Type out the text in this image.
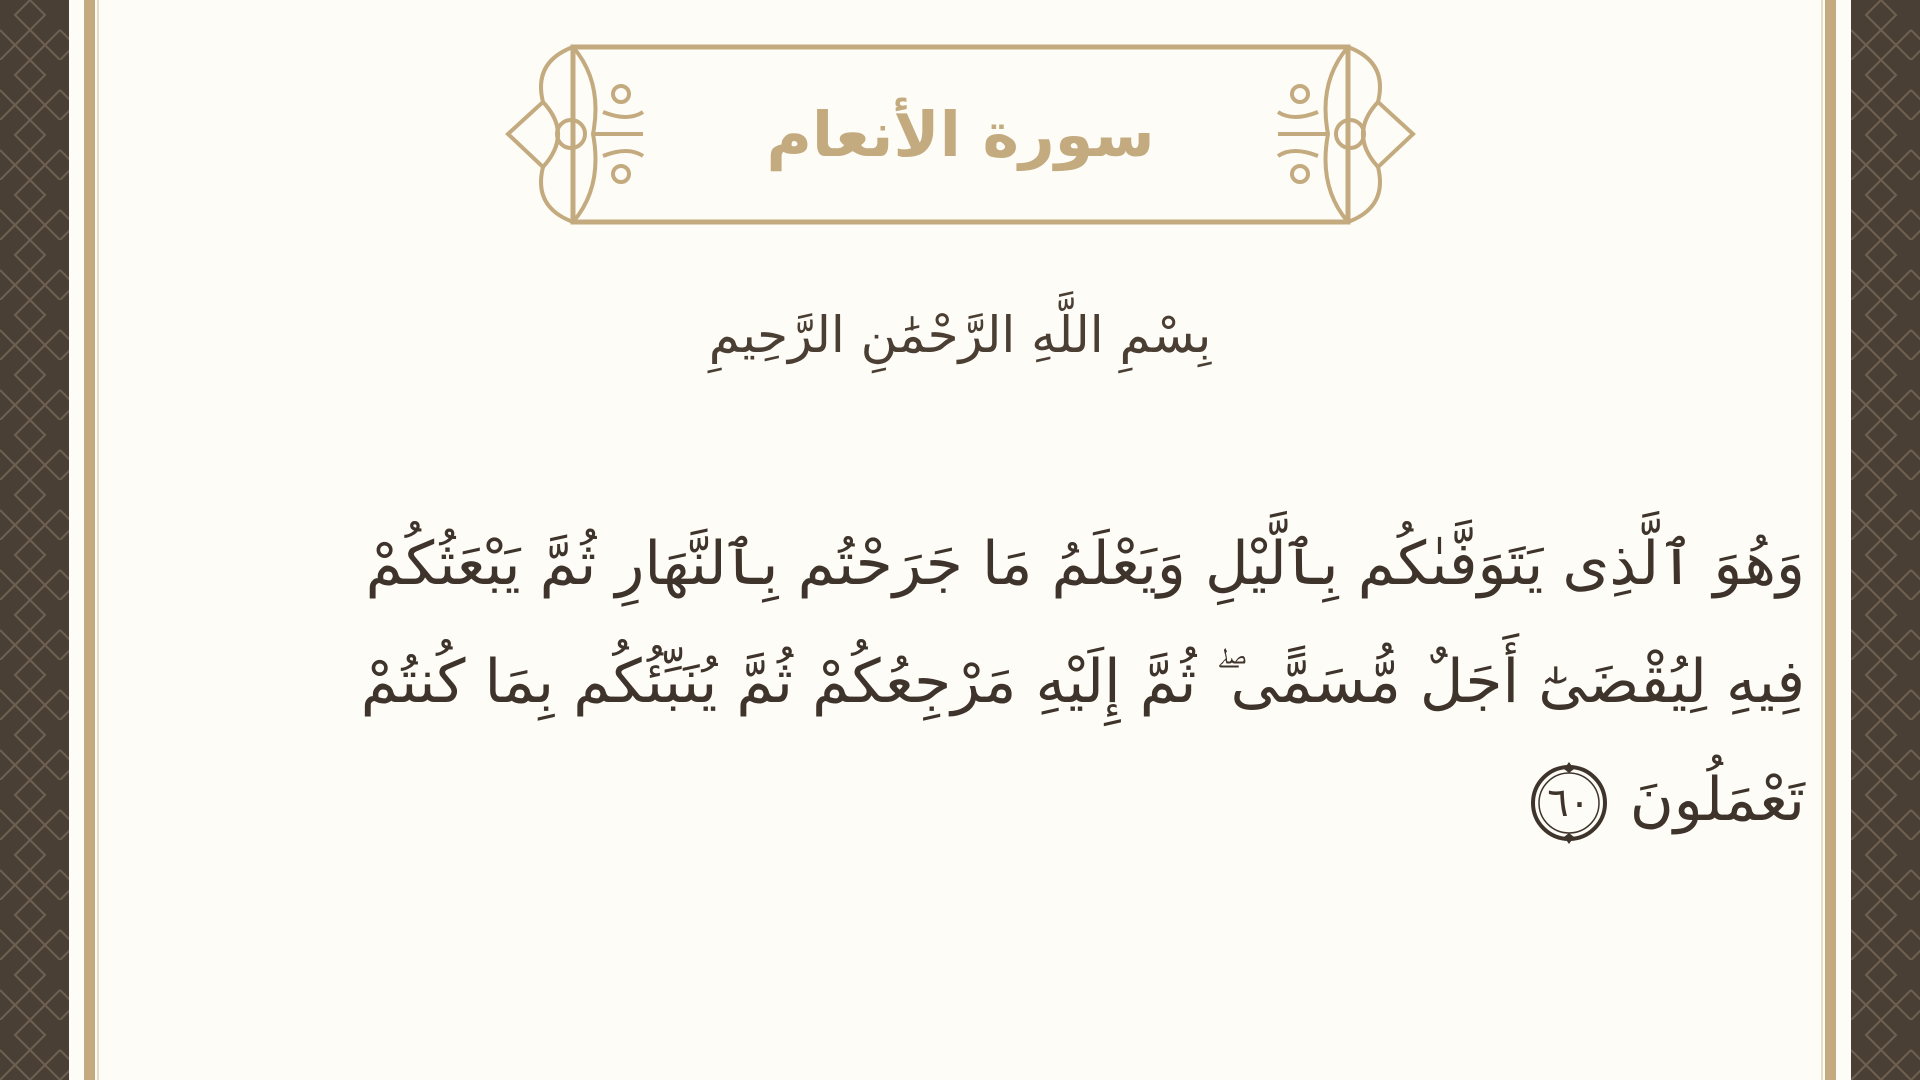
سورة الأنعام
بِسْمِ اللَّهِ الرَّحْمَٰنِ الرَّحِيمِ
وَهُوَ ٱلَّذِى يَتَوَفَّىٰكُم بِٱلَّيْلِ وَيَعْلَمُ مَا جَرَحْتُم بِٱلنَّهَارِ ثُمَّ يَبْعَثُكُمْ
فِيهِ لِيُقْضَىٰٓ أَجَلٌ مُّسَمًّى ۖ ثُمَّ إِلَيْهِ مَرْجِعُكُمْ ثُمَّ يُنَبِّئُكُم بِمَا كُنتُمْ
تَعْمَلُونَ
٦٠
